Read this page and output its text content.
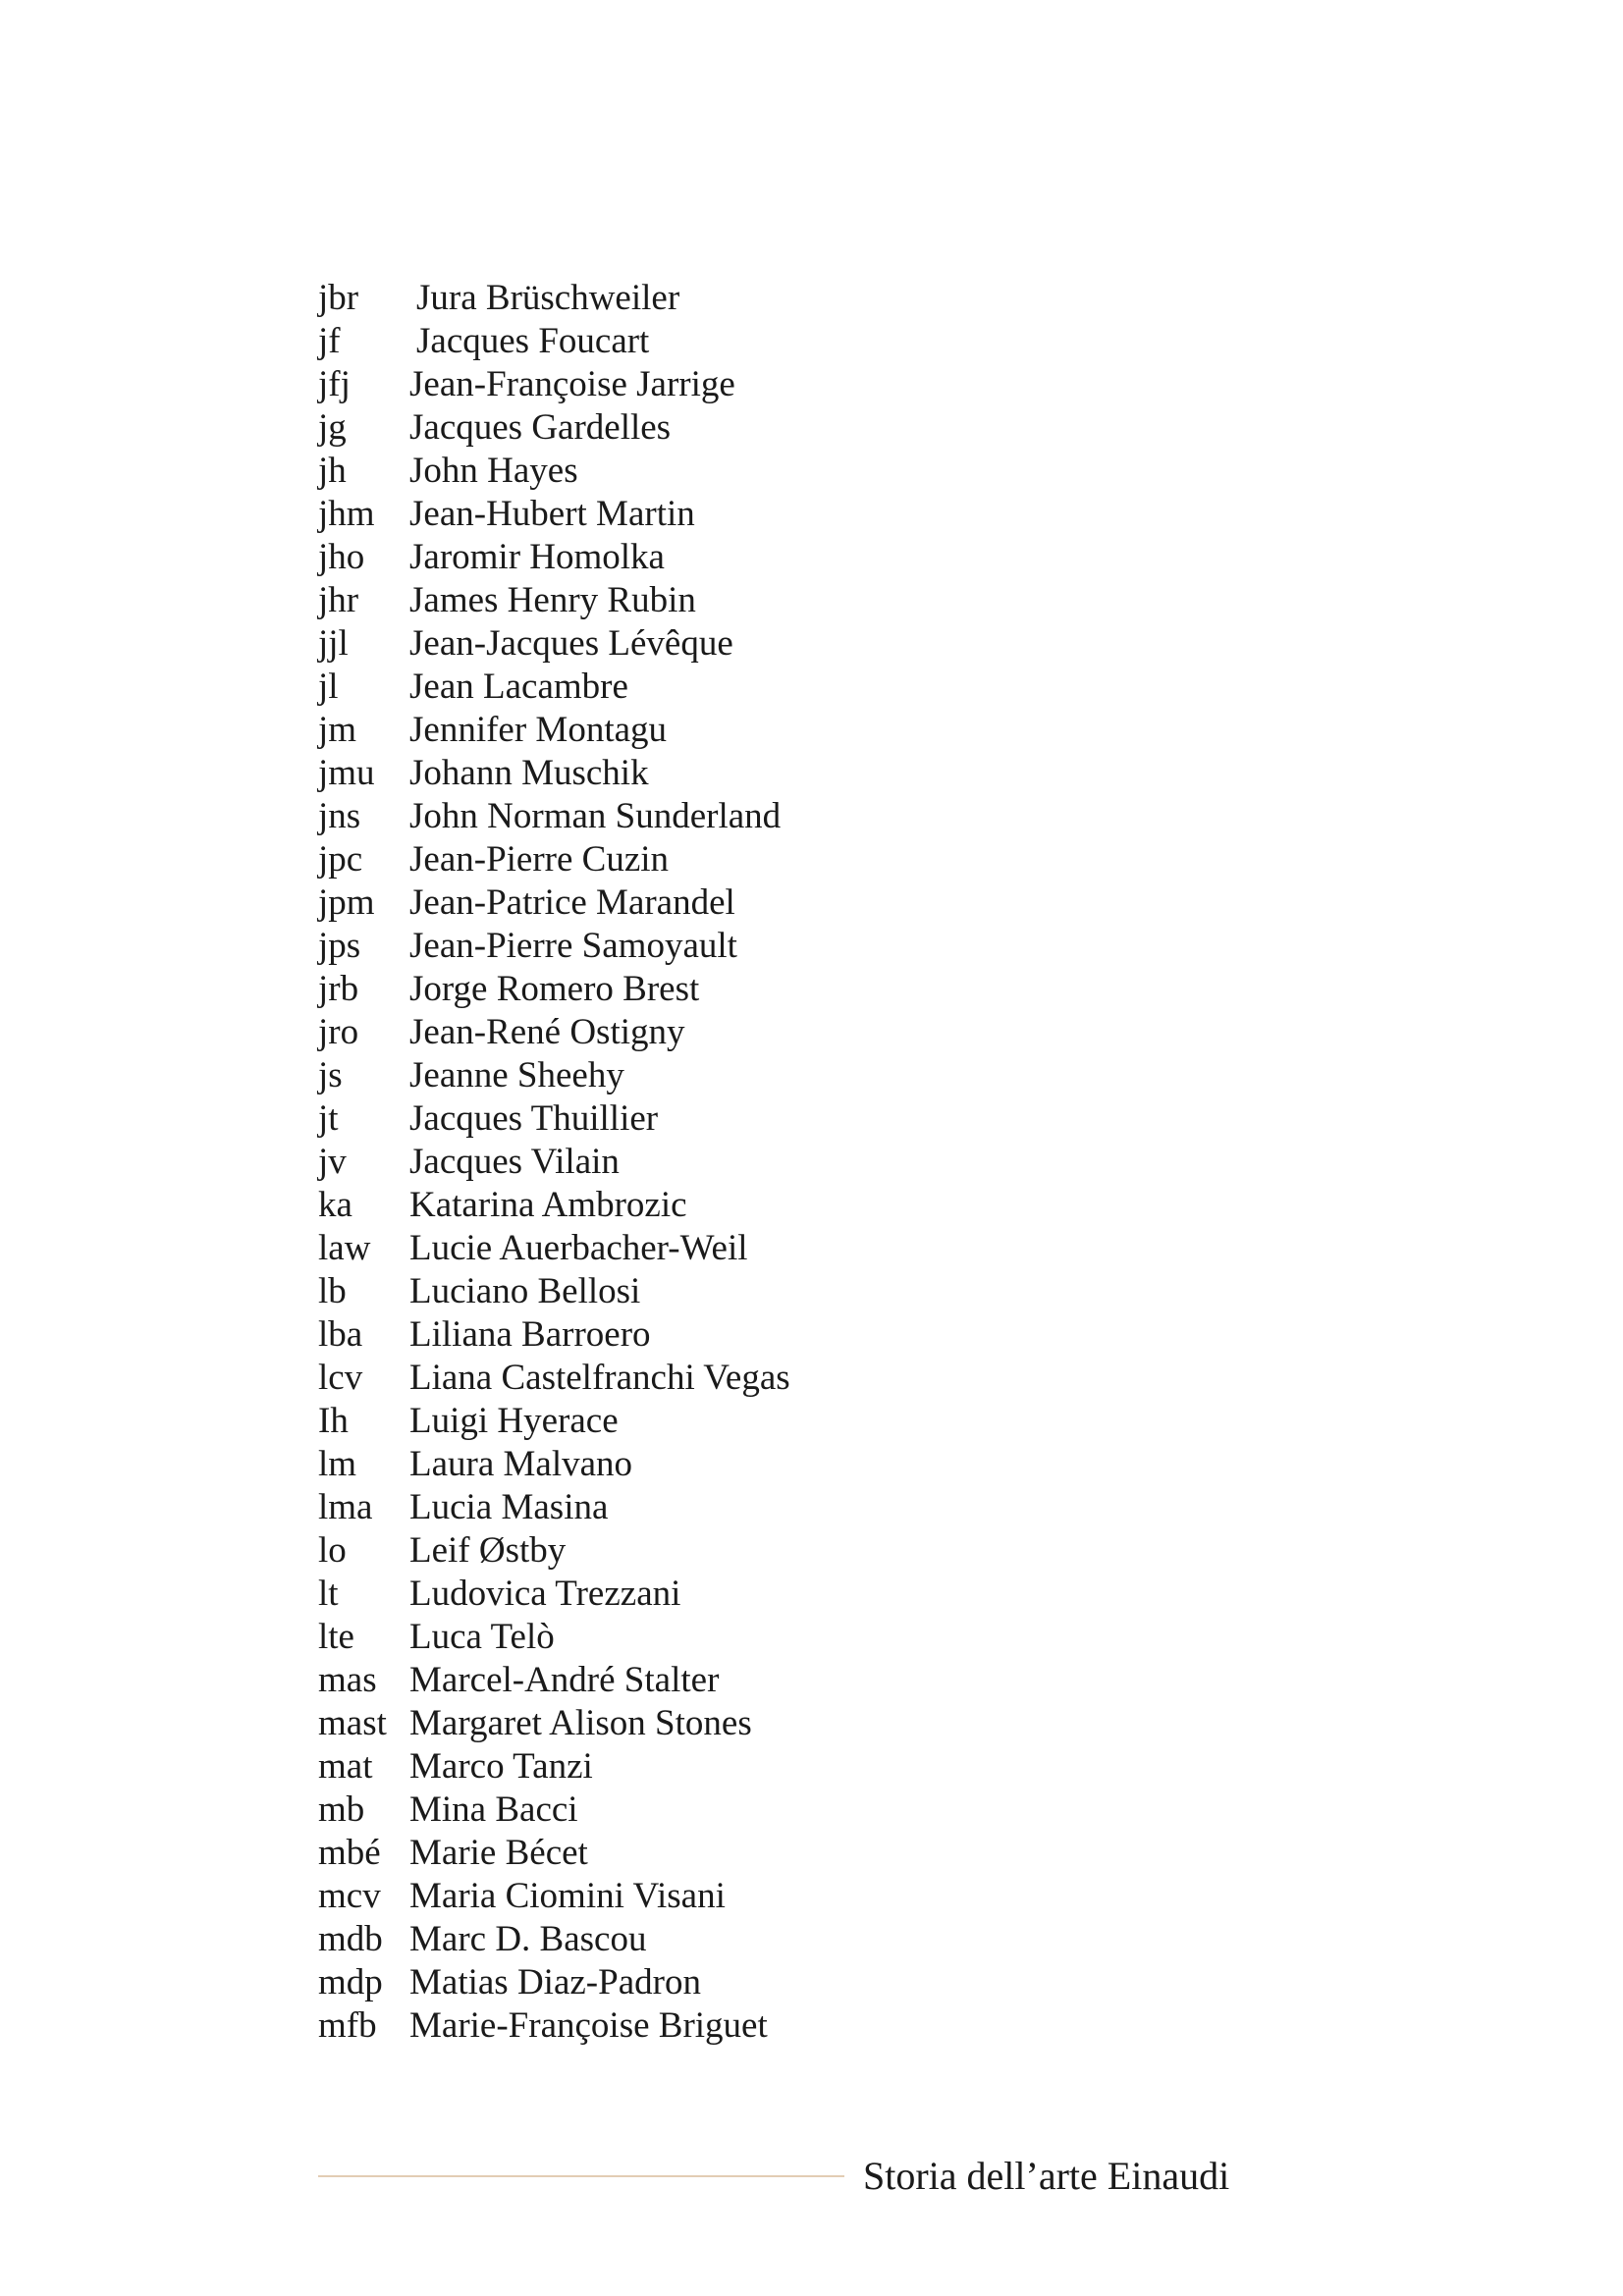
jbr	Jura Brüschweiler
jf	Jacques Foucart
jfj	Jean-Françoise Jarrige
jg	Jacques Gardelles
jh	John Hayes
jhm Jean-Hubert Martin
jho	Jaromir Homolka
jhr	James Henry Rubin
jjl	Jean-Jacques Lévêque
jl	Jean Lacambre
jm	Jennifer Montagu
jmu Johann Muschik
jns	John Norman Sunderland
jpc	Jean-Pierre Cuzin
jpm Jean-Patrice Marandel
jps	Jean-Pierre Samoyault
jrb	Jorge Romero Brest
jro	Jean-René Ostigny
js	Jeanne Sheehy
jt	Jacques Thuillier
jv	Jacques Vilain
ka	Katarina Ambrozic
law	Lucie Auerbacher-Weil
lb	Luciano Bellosi
lba	Liliana Barroero
lcv	Liana Castelfranchi Vegas
Ih	Luigi Hyerace
lm	Laura Malvano
lma	Lucia Masina
lo	Leif Østby
lt	Ludovica Trezzani
lte	Luca Telò
mas Marcel-André Stalter
mast Margaret Alison Stones
mat	Marco Tanzi
mb	Mina Bacci
mbé Marie Bécet
mcv Maria Ciomini Visani
mdb Marc D. Bascou
mdp Matias Diaz-Padron
mfb Marie-Françoise Briguet
Storia dell’arte Einaudi
